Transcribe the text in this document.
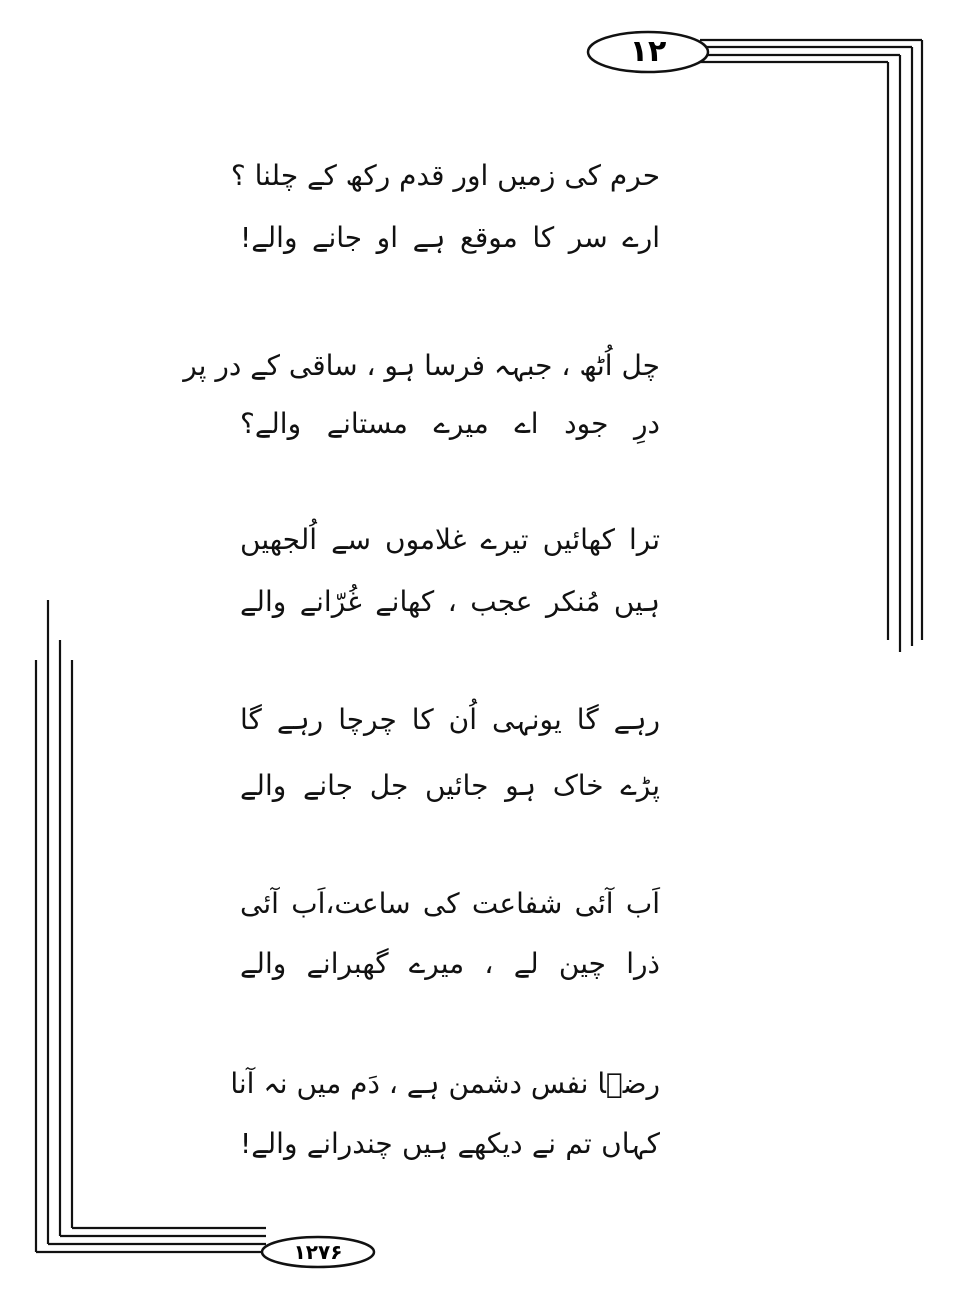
۱۲
۱۲۷۶
حرم کی زمیں اور قدم رکھ کے چلنا ؟
ارے سر کا موقع ہے او جانے والے!
چل اُٹھ ، جبہہ فرسا ہو ، ساقی کے در پر
درِ جود اے میرے مستانے والے؟
ترا کھائیں تیرے غلاموں سے اُلجھیں
ہیں مُنکر عجب ، کھانے غُرّانے والے
رہے گا یونہی اُن کا چرچا رہے گا
پڑے خاک ہو جائیں جل جانے والے
اَب آئی شفاعت کی ساعت،اَب آئی
ذرا چین لے ، میرے گھبرانے والے
رضؔا نفس دشمن ہے ، دَم میں نہ آنا
کہاں تم نے دیکھے ہیں چندرانے والے!
